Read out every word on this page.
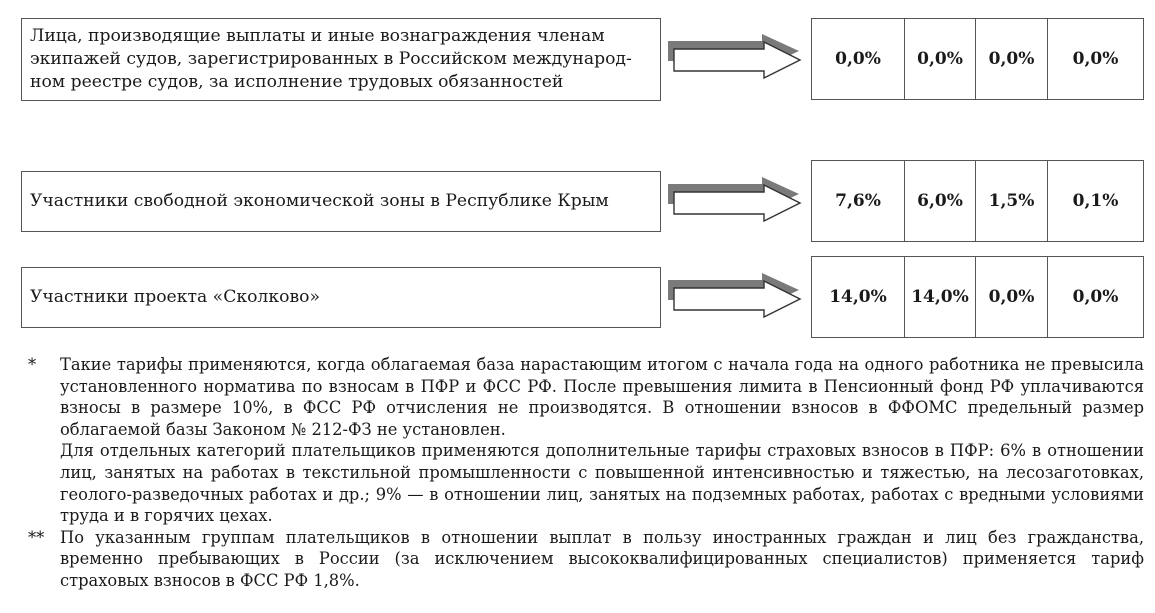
Лица, производящие выплаты и иные вознаграждения членам
экипажей судов, зарегистрированных в Российском международ-
ном реестре судов, за исполнение трудовых обязанностей
0,0%	0,0%	0,0%	0,0%
Участники свободной экономической зоны в Республике Крым	7,6%	6,0%	1,5%	0,1%
Участники проекта «Сколково»	14,0%	14,0%	0,0%	0,0%
*	Такие тарифы применяются, когда облагаемая база нарастающим итогом с начала года на одного работника не превысила установленного норматива по взносам в ПФР и ФСС РФ. После превышения лимита в Пенсионный фонд РФ уплачиваются взносы в размере 10%, в ФСС РФ отчисления не производятся. В отношении взносов в ФФОМС предельный размер облагаемой базы Законом № 212-ФЗ не установлен.

Для отдельных категорий плательщиков применяются дополнительные тарифы страховых взносов в ПФР: 6% в отношении лиц, занятых на работах в текстильной промышленности с повышенной интенсивностью и тяжестью, на лесозаготовках, геолого-разведочных работах и др.; 9% — в отношении лиц, занятых на подземных работах, работах с вредными условиями труда и в горячих цехах.

** По указанным группам плательщиков в отношении выплат в пользу иностранных граждан и лиц без гражданства, временно пребывающих в России (за исключением высококвалифицированных специалистов) применяется тариф страховых взносов в ФСС РФ 1,8%.
